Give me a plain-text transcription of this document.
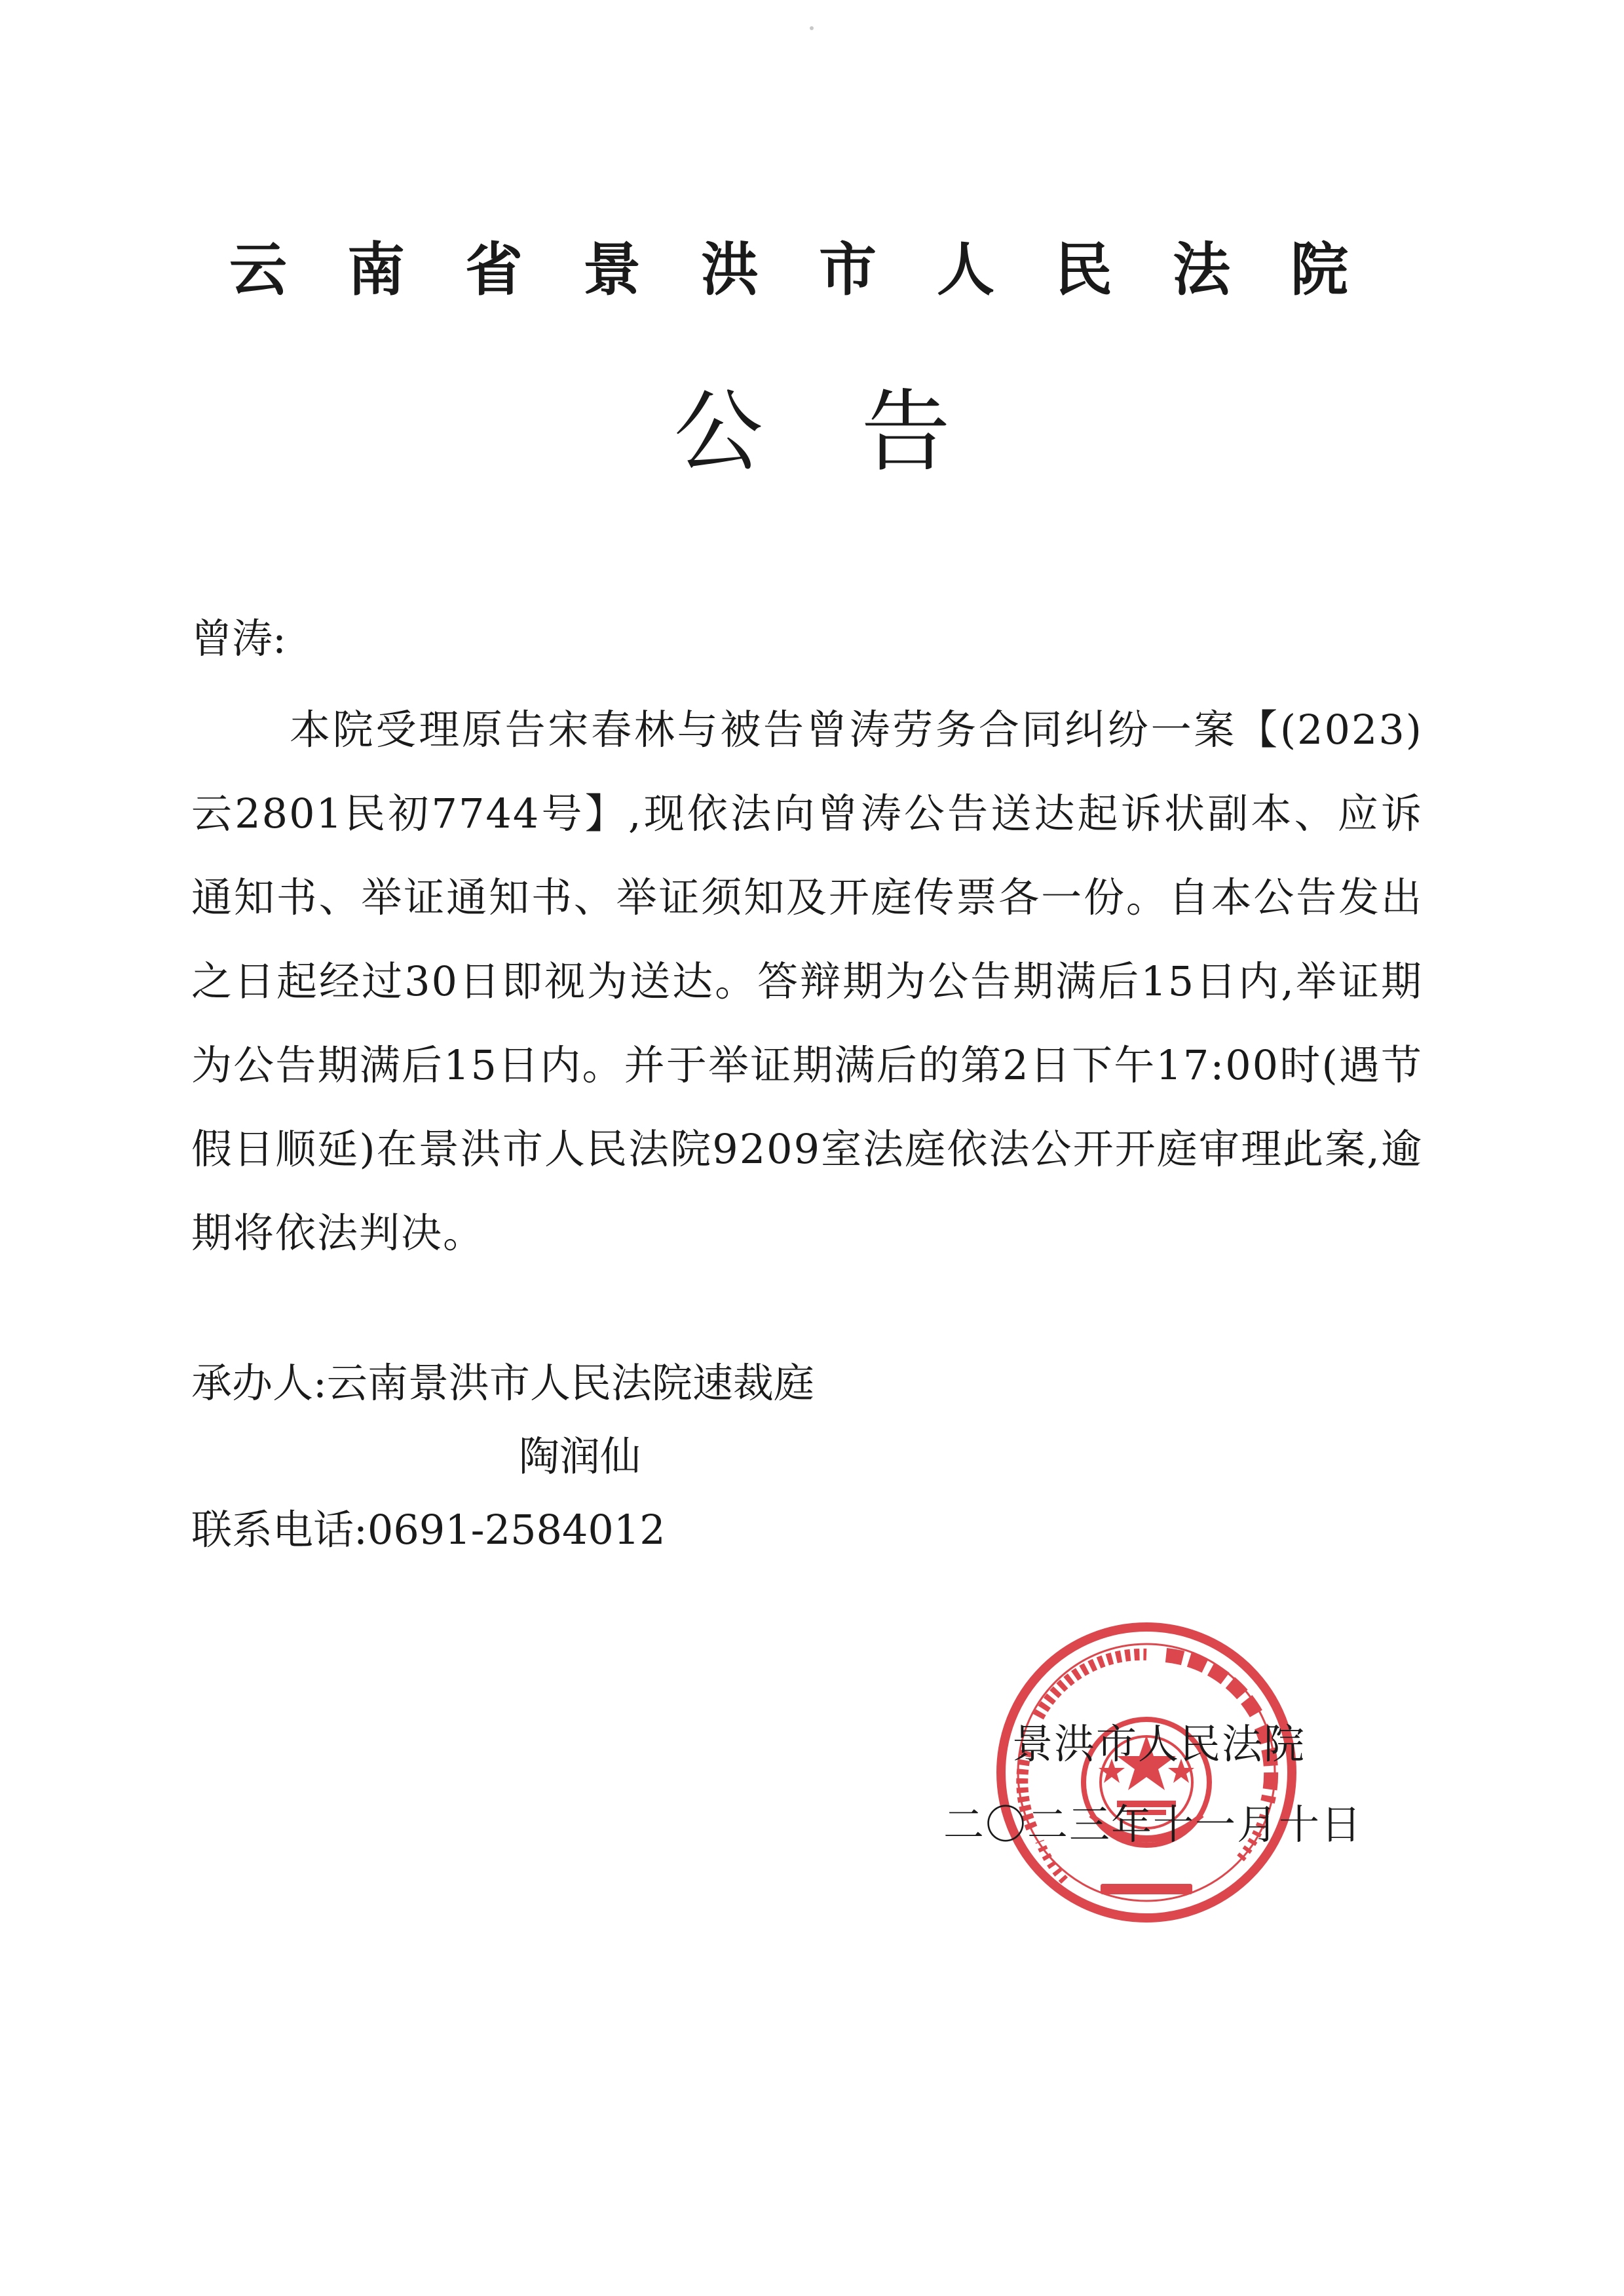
云南省景洪市人民法院
公告
曾涛:
本院受理原告宋春林与被告曾涛劳务合同纠纷一案【(2023)云2801民初7744号】,现依法向曾涛公告送达起诉状副本、应诉通知书、举证通知书、举证须知及开庭传票各一份。自本公告发出之日起经过30日即视为送达。答辩期为公告期满后15日内,举证期为公告期满后15日内。并于举证期满后的第2日下午17:00时(遇节假日顺延)在景洪市人民法院9209室法庭依法公开开庭审理此案,逾期将依法判决。
承办人:云南景洪市人民法院速裁庭
陶润仙
联系电话:0691-2584012
景洪市人民法院
二〇二三年十一月十日
